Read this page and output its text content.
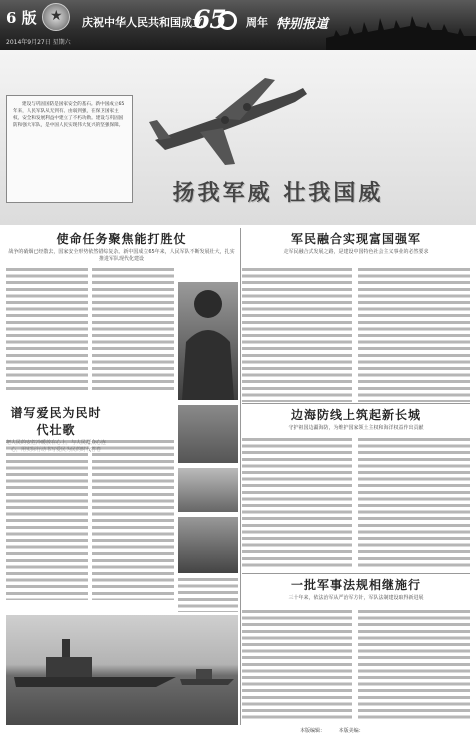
6 版
2014年9月27日 星期六
★
庆祝中华人民共和国成立
65	周年 特别报道

建设与巩固国防是国家安全的基石。新中国成立65年来，人民军队从无到有、由弱到强，在保卫国家主权、安全和发展利益中建立了不朽功勋。建设与巩固国防和强大军队，是中国人民实现伟大复兴的坚强保障。

扬我军威 壮我国威
使命任务聚焦能打胜仗
战争的硝烟已经散去，国家安全形势依然错综复杂。新中国成立65年来，人民军队不断发展壮大，扎实推进军队现代化建设
谱写爱民为民时代壮歌
军民融合实现富国强军
走军民融合式发展之路，是建设中国特色社会主义事业的必然要求
边海防线上筑起新长城
守护祖国边疆海防，为维护国家领土主权和海洋权益作出贡献
一批军事法规相继施行
三十年来，依法治军从严治军方针，军队法制建设取得新进展
本版编辑：	本版美编：
